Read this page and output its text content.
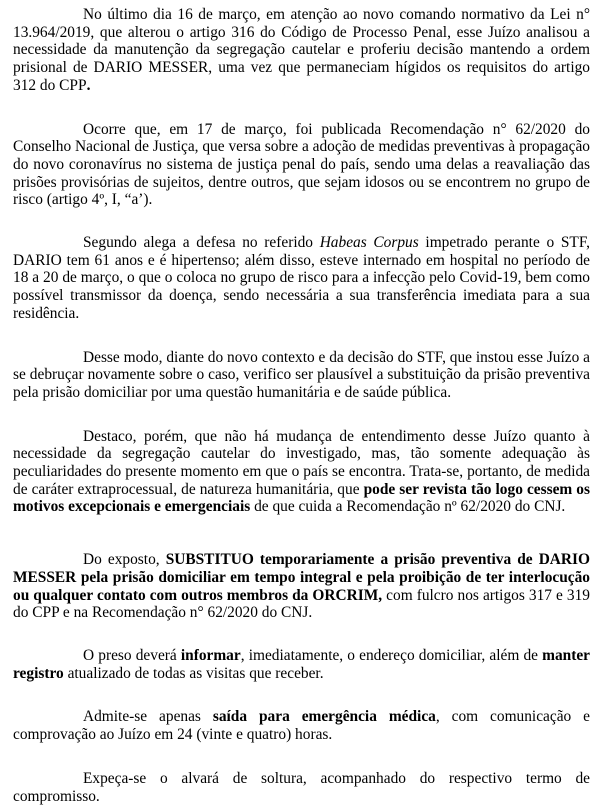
No último dia 16 de março, em atenção ao novo comando normativo da Lei n° 13.964/2019, que alterou o artigo 316 do Código de Processo Penal, esse Juízo analisou a necessidade da manutenção da segregação cautelar e proferiu decisão mantendo a ordem prisional de DARIO MESSER, uma vez que permaneciam hígidos os requisitos do artigo 312 do CPP.

Ocorre que, em 17 de março, foi publicada Recomendação n° 62/2020 do Conselho Nacional de Justiça, que versa sobre a adoção de medidas preventivas à propagação do novo coronavírus no sistema de justiça penal do país, sendo uma delas a reavaliação das prisões provisórias de sujeitos, dentre outros, que sejam idosos ou se encontrem no grupo de risco (artigo 4º, I, “a’).

Segundo alega a defesa no referido Habeas Corpus impetrado perante o STF, DARIO tem 61 anos e é hipertenso; além disso, esteve internado em hospital no período de 18 a 20 de março, o que o coloca no grupo de risco para a infecção pelo Covid-19, bem como possível transmissor da doença, sendo necessária a sua transferência imediata para a sua residência.

Desse modo, diante do novo contexto e da decisão do STF, que instou esse Juízo a se debruçar novamente sobre o caso, verifico ser plausível a substituição da prisão preventiva pela prisão domiciliar por uma questão humanitária e de saúde pública.

Destaco, porém, que não há mudança de entendimento desse Juízo quanto à necessidade da segregação cautelar do investigado, mas, tão somente adequação às peculiaridades do presente momento em que o país se encontra. Trata-se, portanto, de medida de caráter extraprocessual, de natureza humanitária, que pode ser revista tão logo cessem os motivos excepcionais e emergenciais de que cuida a Recomendação nº 62/2020 do CNJ.

Do exposto, SUBSTITUO temporariamente a prisão preventiva de DARIO MESSER pela prisão domiciliar em tempo integral e pela proibição de ter interlocução ou qualquer contato com outros membros da ORCRIM, com fulcro nos artigos 317 e 319 do CPP e na Recomendação n° 62/2020 do CNJ.

O preso deverá informar, imediatamente, o endereço domiciliar, além de manter registro atualizado de todas as visitas que receber.

Admite-se apenas saída para emergência médica, com comunicação e comprovação ao Juízo em 24 (vinte e quatro) horas.

Expeça-se o alvará de soltura, acompanhado do respectivo termo de compromisso.
